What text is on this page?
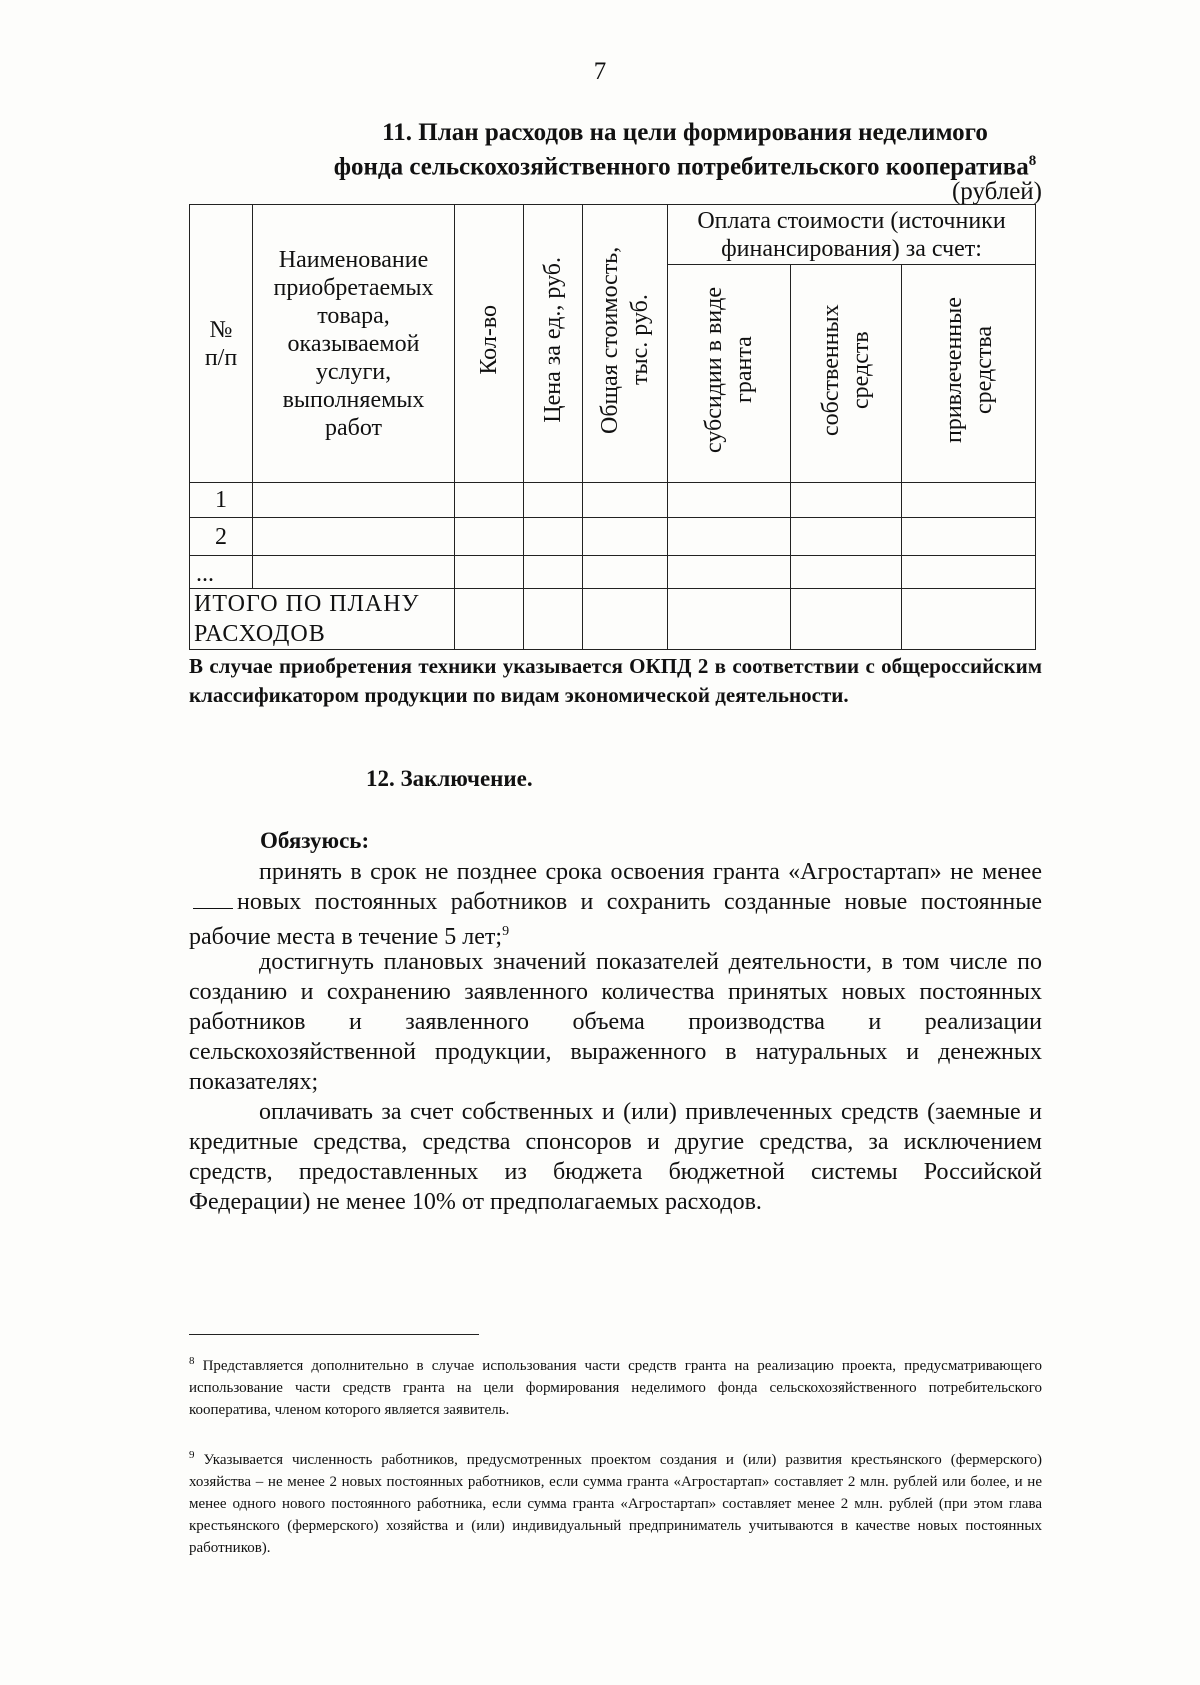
7
11. План расходов на цели формирования неделимого
фонда сельскохозяйственного потребительского кооператива$^8$
(рублей)
№ п/п	Наименование приобретаемых товара, оказываемой услуги, выполняемых работ	Кол-во	Цена за ед., руб.	Общая стоимость, тыс. руб.	Оплата стоимости (источники финансирования) за счет:		
					субсидии в виде гранта	собственных средств	привлеченные средства
1							
2							
...							
ИТОГО ПО ПЛАНУ РАСХОДОВ							
В случае приобретения техники указывается ОКПД 2 в соответствии с общероссийским классификатором продукции по видам экономической деятельности.
12. Заключение.
Обязуюсь:
принять в срок не позднее срока освоения гранта «Агростартап» не менееновых постоянных работников и сохранить созданные новые постоянные рабочие места в течение 5 лет;$^9$
достигнуть плановых значений показателей деятельности, в том числе по созданию и сохранению заявленного количества принятых новых постоянных работников и заявленного объема производства и реализации сельскохозяйственной продукции, выраженного в натуральных и денежных показателях;
оплачивать за счет собственных и (или) привлеченных средств (заемные и кредитные средства, средства спонсоров и другие средства, за исключением средств, предоставленных из бюджета бюджетной системы Российской Федерации) не менее 10% от предполагаемых расходов.
$^8$ Представляется дополнительно в случае использования части средств гранта на реализацию проекта, предусматривающего использование части средств гранта на цели формирования неделимого фонда сельскохозяйственного потребительского кооператива, членом которого является заявитель.
$^9$ Указывается численность работников, предусмотренных проектом создания и (или) развития крестьянского (фермерского) хозяйства – не менее 2 новых постоянных работников, если сумма гранта «Агростартап» составляет 2 млн. рублей или более, и не менее одного нового постоянного работника, если сумма гранта «Агростартап» составляет менее 2 млн. рублей (при этом глава крестьянского (фермерского) хозяйства и (или) индивидуальный предприниматель учитываются в качестве новых постоянных работников).
